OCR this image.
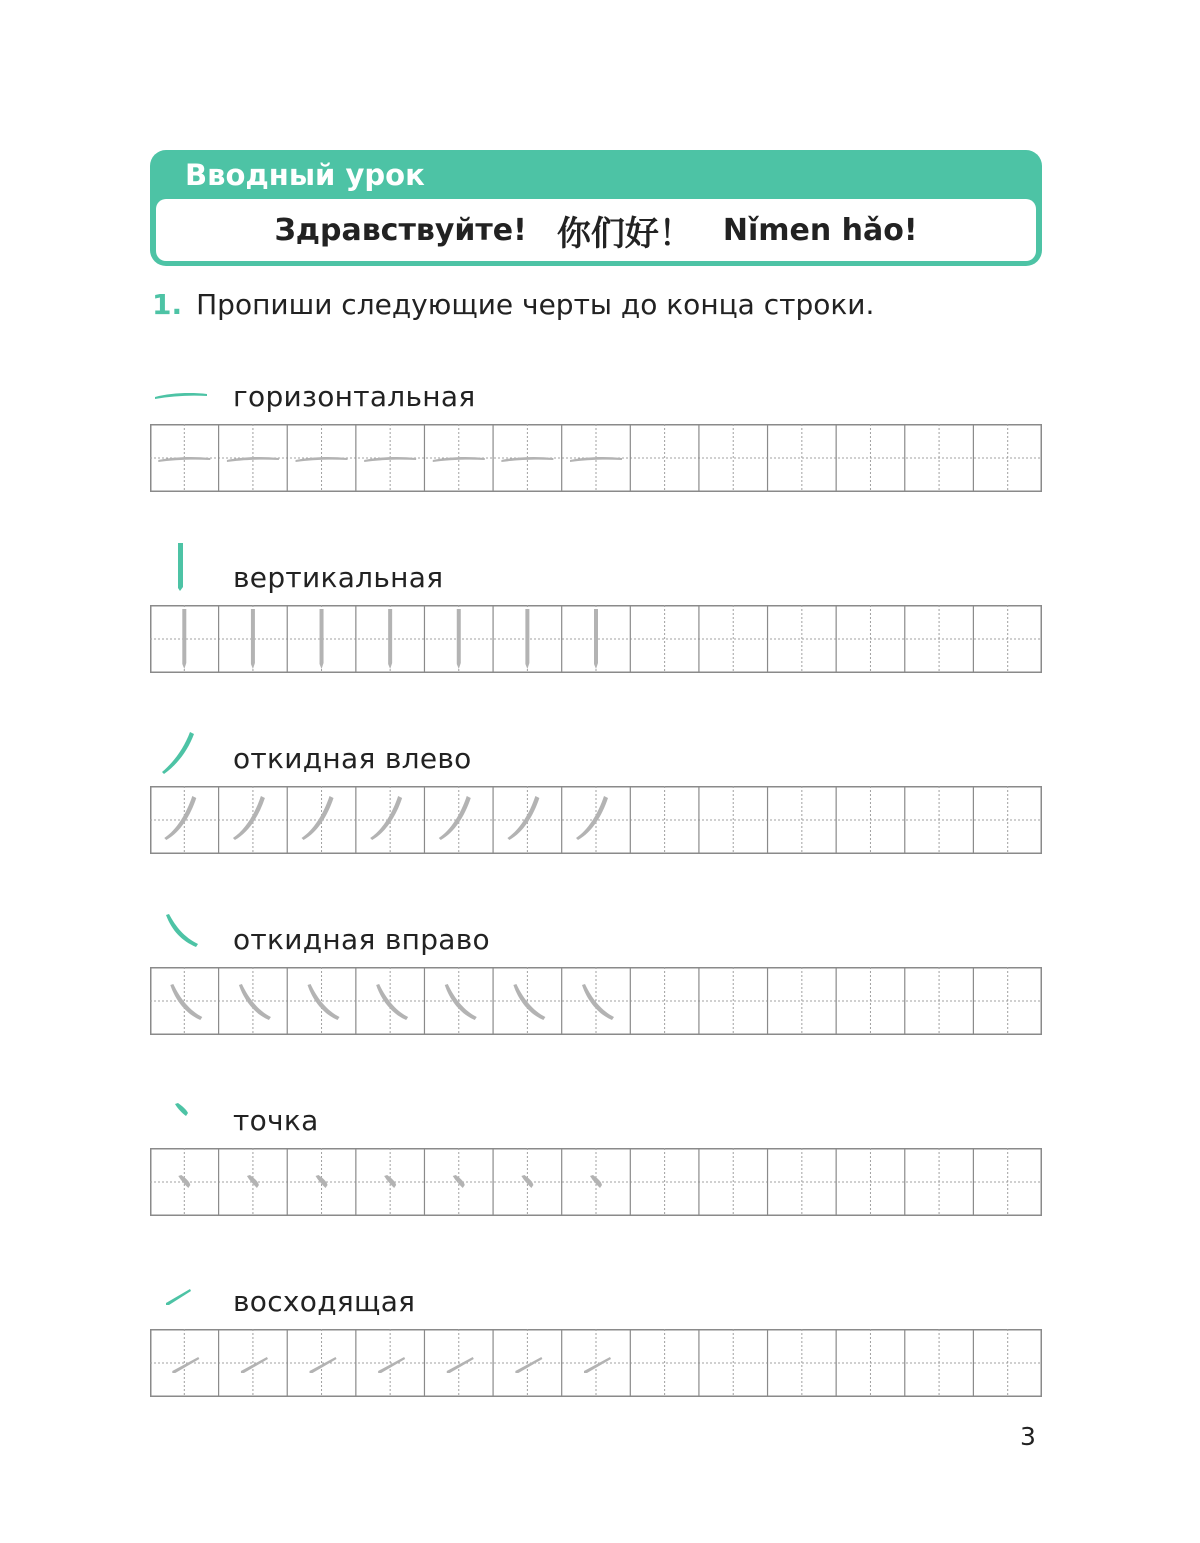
Вводный урок
Здравствуйте! 你们好！ Nǐmen hǎo!
1. Пропиши следующие черты до конца строки.
горизонтальная
вертикальная
откидная влево
откидная вправо
точка
восходящая
3
